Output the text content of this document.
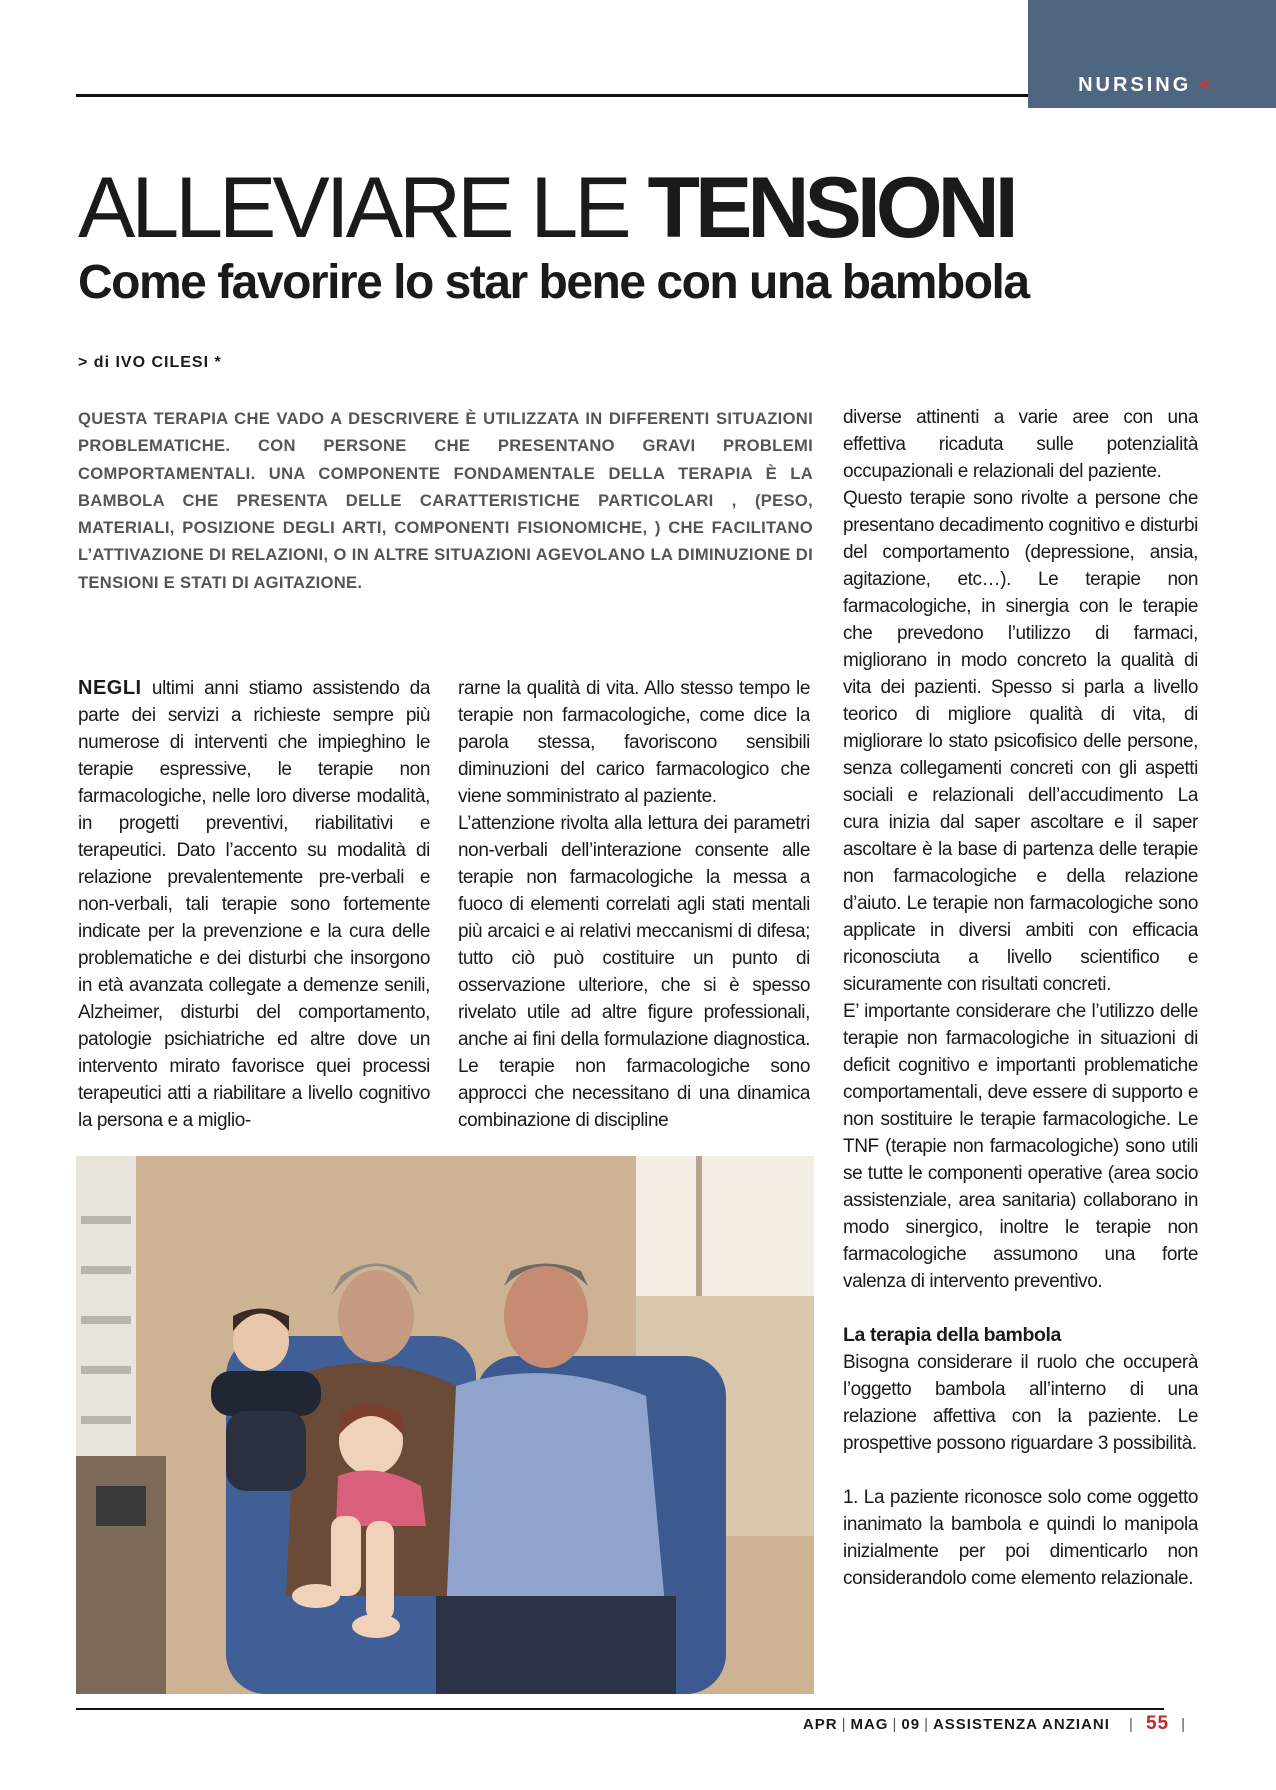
NURSING <
ALLEVIARE LE TENSIONI
Come favorire lo star bene con una bambola
> di IVO CILESI *

QUESTA TERAPIA CHE VADO A DESCRIVERE È UTILIZZATA IN DIFFERENTI SITUAZIONI PROBLEMATICHE. CON PERSONE CHE PRESENTANO GRAVI PROBLEMI COMPORTAMENTALI. UNA COMPONENTE FONDAMENTALE DELLA TERAPIA È LA BAMBOLA CHE PRESENTA DELLE CARATTERISTICHE PARTICOLARI , (PESO, MATERIALI, POSIZIONE DEGLI ARTI, COMPONENTI FISIONOMICHE, ) CHE FACILITANO L’ATTIVAZIONE DI RELAZIONI, O IN ALTRE SITUAZIONI AGEVOLANO LA DIMINUZIONE DI TENSIONI E STATI DI AGITAZIONE.

NEGLI ultimi anni stiamo assistendo da parte dei servizi a richieste sempre più numerose di interventi che impieghino le terapie espressive, le terapie non farmacologiche, nelle loro diverse modalità, in progetti preventivi, riabilitativi e terapeutici. Dato l’accento su modalità di relazione prevalentemente pre-verbali e non-verbali, tali terapie sono fortemente indicate per la prevenzione e la cura delle problematiche e dei disturbi che insorgono in età avanzata collegate a demenze senili, Alzheimer, disturbi del comportamento, patologie psichiatriche ed altre dove un intervento mirato favorisce quei processi terapeutici atti a riabilitare a livello cognitivo la persona e a miglio-

rarne la qualità di vita. Allo stesso tempo le terapie non farmacologiche, come dice la parola stessa, favoriscono sensibili diminuzioni del carico farmacologico che viene somministrato al paziente.

L’attenzione rivolta alla lettura dei parametri non-verbali dell’interazione consente alle terapie non farmacologiche la messa a fuoco di elementi correlati agli stati mentali più arcaici e ai relativi meccanismi di difesa; tutto ciò può costituire un punto di osservazione ulteriore, che si è spesso rivelato utile ad altre figure professionali, anche ai fini della formulazione diagnostica. Le terapie non farmacologiche sono approcci che necessitano di una dinamica combinazione di discipline

diverse attinenti a varie aree con una effettiva ricaduta sulle potenzialità occupazionali e relazionali del paziente.

Questo terapie sono rivolte a persone che presentano decadimento cognitivo e disturbi del comportamento (depressione, ansia, agitazione, etc…). Le terapie non farmacologiche, in sinergia con le terapie che prevedono l’utilizzo di farmaci, migliorano in modo concreto la qualità di vita dei pazienti. Spesso si parla a livello teorico di migliore qualità di vita, di migliorare lo stato psicofisico delle persone, senza collegamenti concreti con gli aspetti sociali e relazionali dell’accudimento La cura inizia dal saper ascoltare e il saper ascoltare è la base di partenza delle terapie non farmacologiche e della relazione d’aiuto. Le terapie non farmacologiche sono applicate in diversi ambiti con efficacia riconosciuta a livello scientifico e sicuramente con risultati concreti.

E’ importante considerare che l’utilizzo delle terapie non farmacologiche in situazioni di deficit cognitivo e importanti problematiche comportamentali, deve essere di supporto e non sostituire le terapie farmacologiche. Le TNF (terapie non farmacologiche) sono utili se tutte le componenti operative (area socio assistenziale, area sanitaria) collaborano in modo sinergico, inoltre le terapie non farmacologiche assumono una forte valenza di intervento preventivo.

La terapia della bambola

Bisogna considerare il ruolo che occuperà l’oggetto bambola all’interno di una relazione affettiva con la paziente. Le prospettive possono riguardare 3 possibilità.

1. La paziente riconosce solo come oggetto inanimato la bambola e quindi lo manipola inizialmente per poi dimenticarlo non considerandolo come elemento relazionale.

APR | MAG | 09 | ASSISTENZA ANZIANI | 55 |
